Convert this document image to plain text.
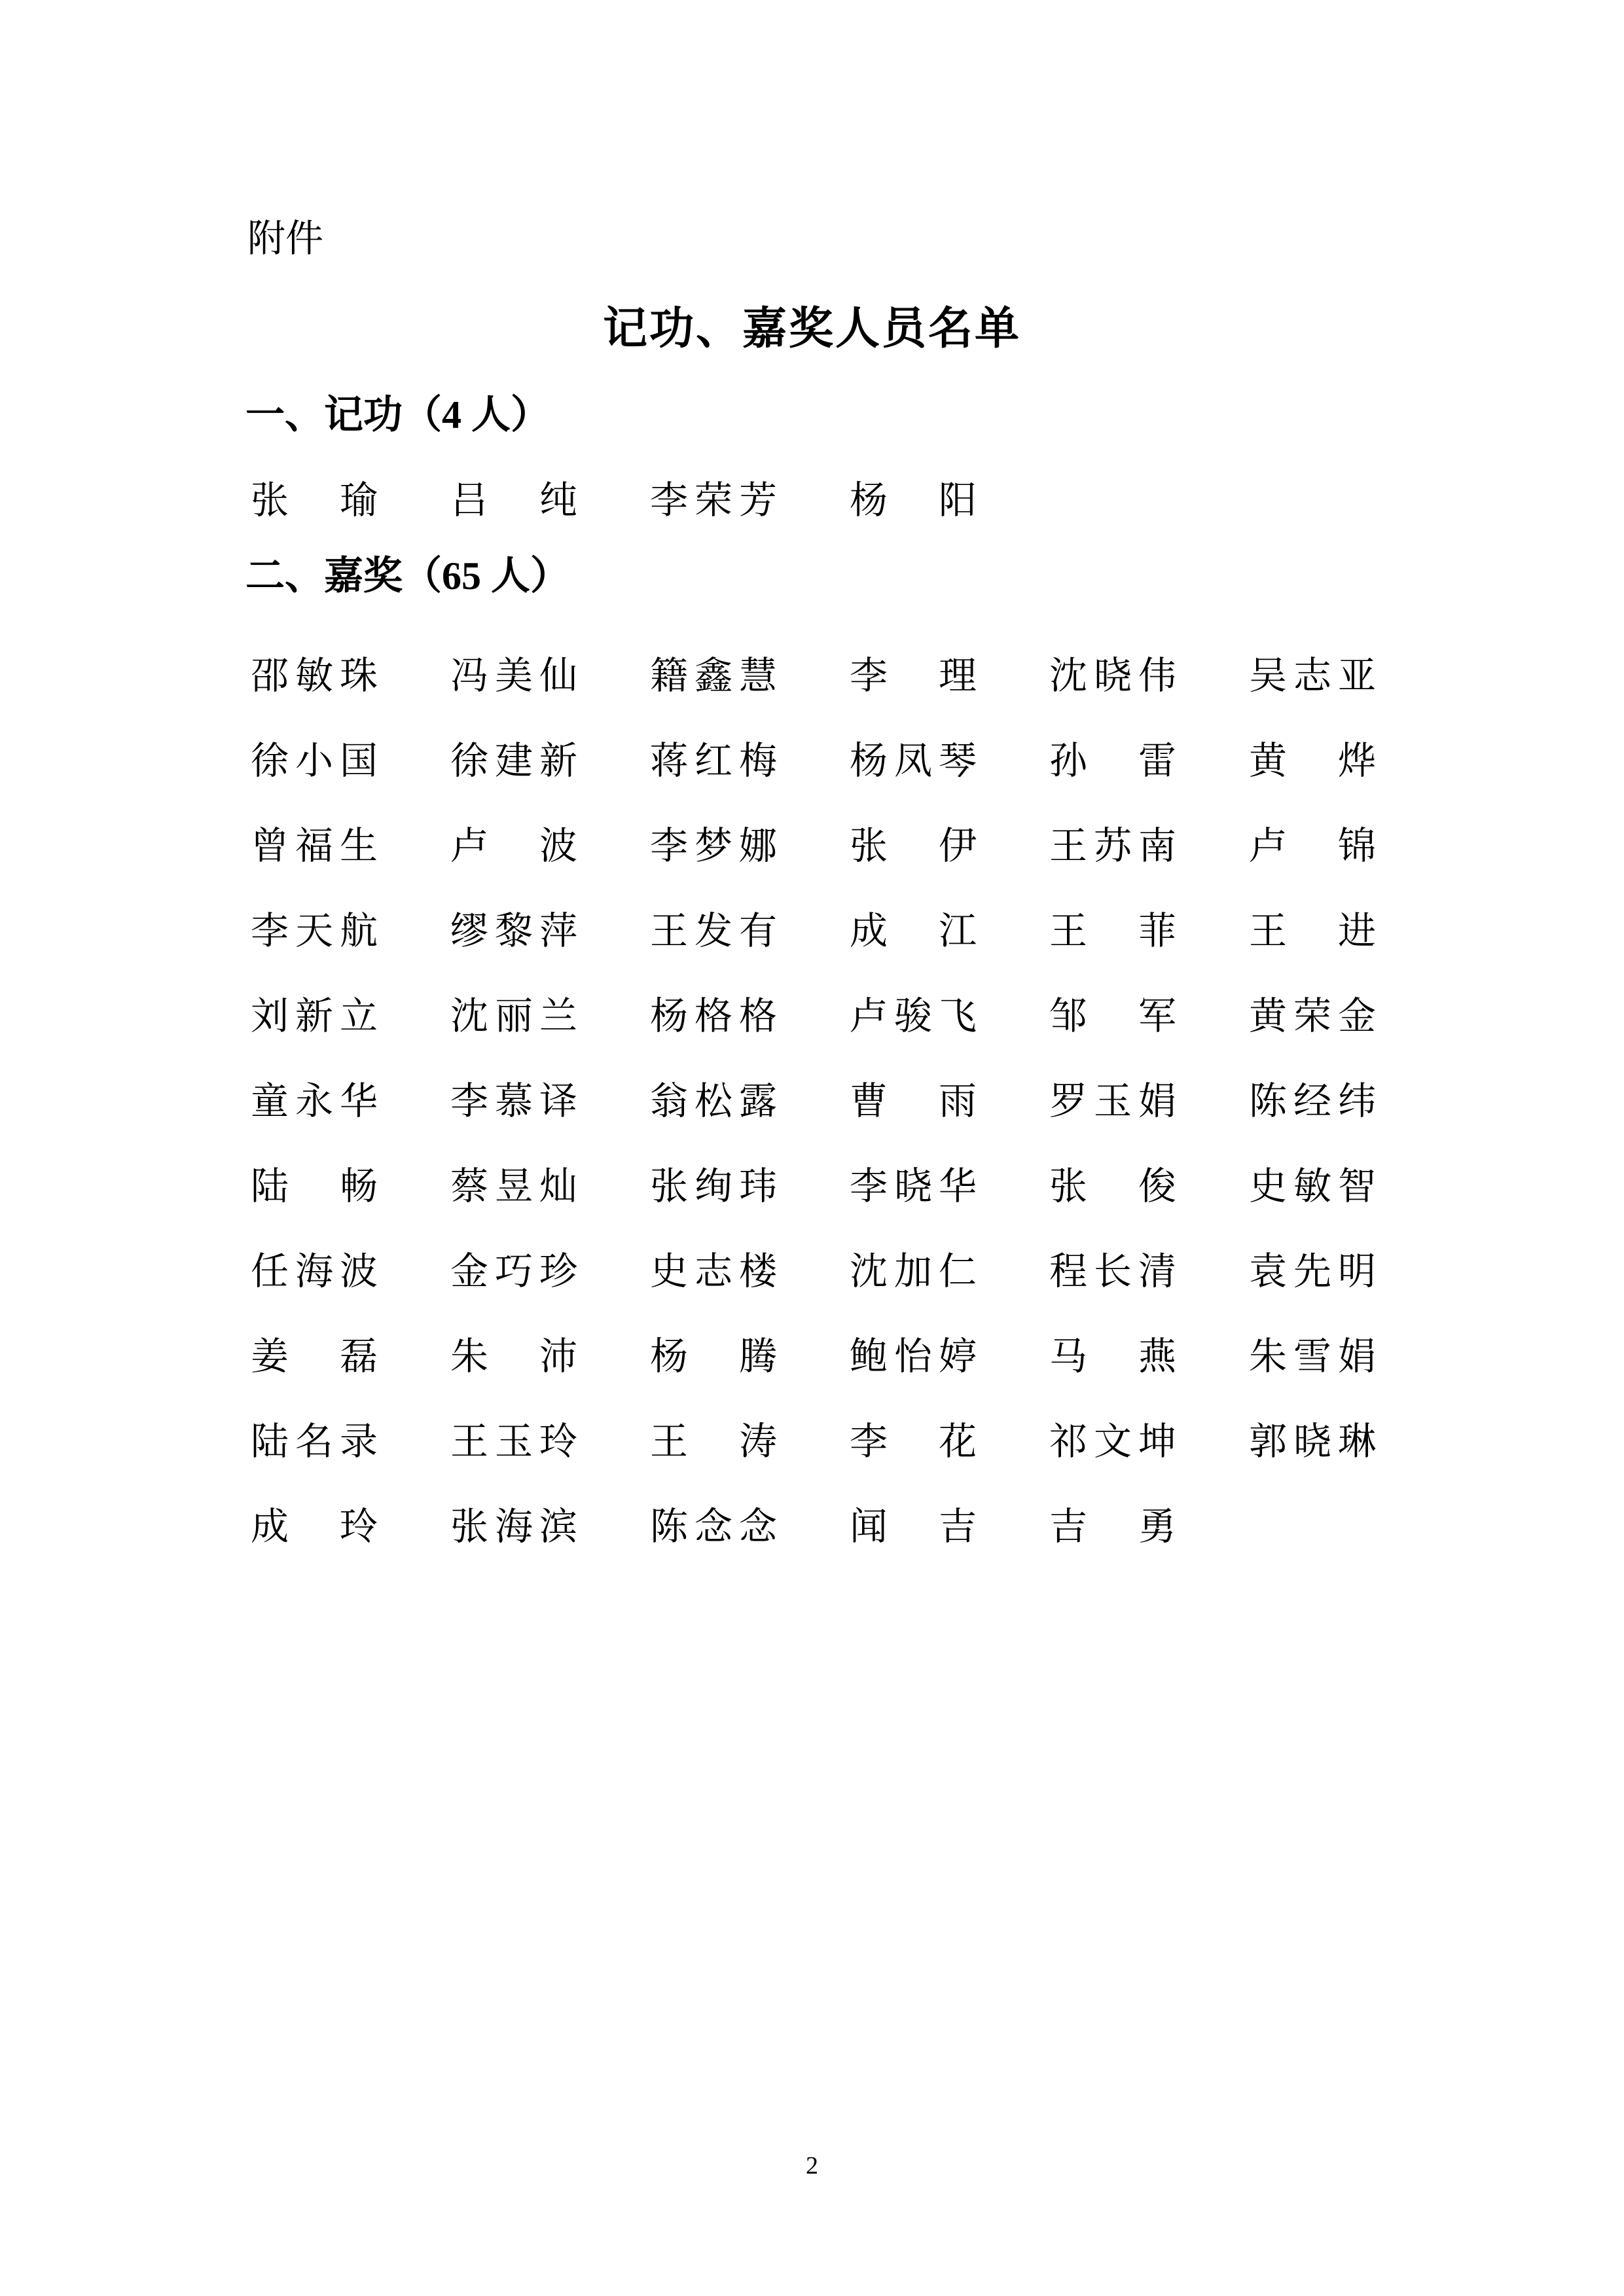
附件
记功、嘉奖人员名单
一、记功（4 人）
张 瑜 吕 纯 李 荣 芳 杨 阳
二、嘉奖（65 人）
邵 敏 珠 冯 美 仙 籍 鑫 慧 李 理 沈 晓 伟 吴 志 亚
徐 小 国 徐 建 新 蒋 红 梅 杨 凤 琴 孙 雷 黄 烨
曾 福 生 卢 波 李 梦 娜 张 伊 王 苏 南 卢 锦
李 天 航 缪 黎 萍 王 发 有 成 江 王 菲 王 进
刘 新 立 沈 丽 兰 杨 格 格 卢 骏 飞 邹 军 黄 荣 金
童 永 华 李 慕 译 翁 松 露 曹 雨 罗 玉 娟 陈 经 纬
陆 畅 蔡 昱 灿 张 绚 玮 李 晓 华 张 俊 史 敏 智
任 海 波 金 巧 珍 史 志 楼 沈 加 仁 程 长 清 袁 先 明
姜 磊 朱 沛 杨 腾 鲍 怡 婷 马 燕 朱 雪 娟
陆 名 录 王 玉 玲 王 涛 李 花 祁 文 坤 郭 晓 琳
成 玲 张 海 滨 陈 念 念 闻 吉 吉 勇
2
